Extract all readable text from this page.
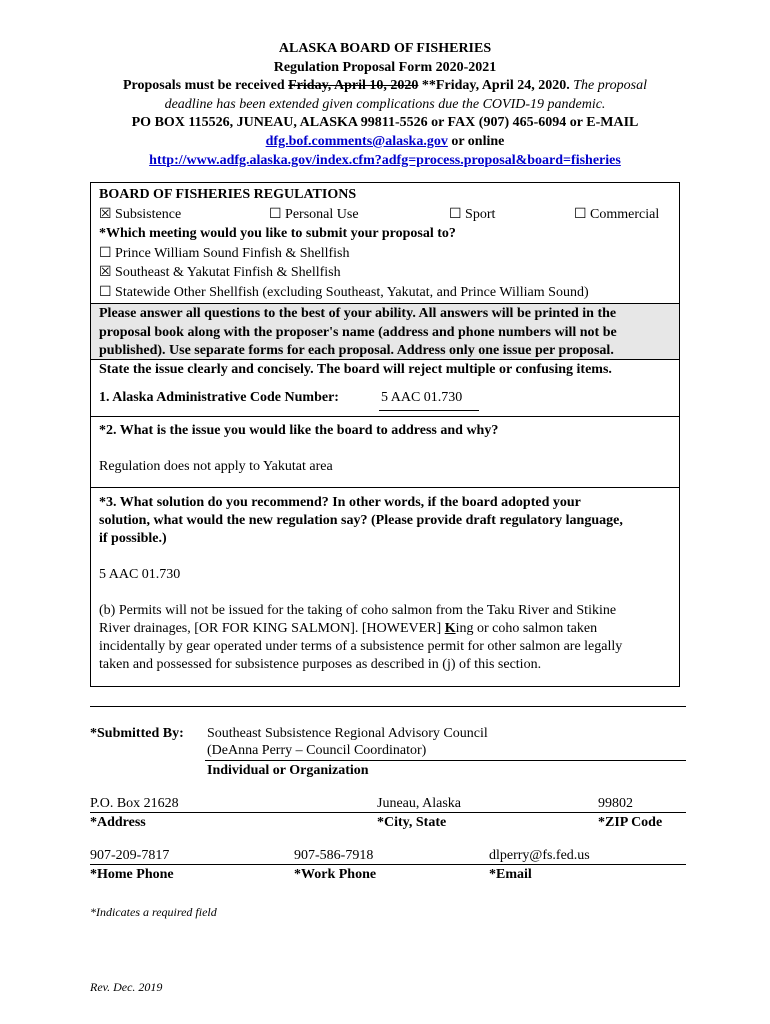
ALASKA BOARD OF FISHERIES
Regulation Proposal Form 2020-2021
Proposals must be received Friday, April 10, 2020 **Friday, April 24, 2020. The proposal
deadline has been extended given complications due the COVID-19 pandemic.
PO BOX 115526, JUNEAU, ALASKA 99811-5526 or FAX (907) 465-6094 or E-MAIL
dfg.bof.comments@alaska.gov or online
http://www.adfg.alaska.gov/index.cfm?adfg=process.proposal&board=fisheries
BOARD OF FISHERIES REGULATIONS
☒ Subsistence	☐ Personal Use	☐ Sport	☐ Commercial
*Which meeting would you like to submit your proposal to?
☐ Prince William Sound Finfish & Shellfish
☒ Southeast & Yakutat Finfish & Shellfish
☐ Statewide Other Shellfish (excluding Southeast, Yakutat, and Prince William Sound)
Please answer all questions to the best of your ability. All answers will be printed in the
proposal book along with the proposer's name (address and phone numbers will not be
published). Use separate forms for each proposal. Address only one issue per proposal.
State the issue clearly and concisely. The board will reject multiple or confusing items.
1. Alaska Administrative Code Number:	5 AAC 01.730
*2. What is the issue you would like the board to address and why?
Regulation does not apply to Yakutat area
*3. What solution do you recommend? In other words, if the board adopted your
solution, what would the new regulation say? (Please provide draft regulatory language,
if possible.)
5 AAC 01.730
(b) Permits will not be issued for the taking of coho salmon from the Taku River and Stikine
River drainages, [OR FOR KING SALMON]. [HOWEVER] King or coho salmon taken
incidentally by gear operated under terms of a subsistence permit for other salmon are legally
taken and possessed for subsistence purposes as described in (j) of this section.
*Submitted By: Southeast Subsistence Regional Advisory Council
(DeAnna Perry – Council Coordinator)
Individual or Organization
P.O. Box 21628	Juneau, Alaska	99802
*Address	*City, State	*ZIP Code
907-209-7817	907-586-7918	dlperry@fs.fed.us
*Home Phone	*Work Phone	*Email
*Indicates a required field
Rev. Dec. 2019
